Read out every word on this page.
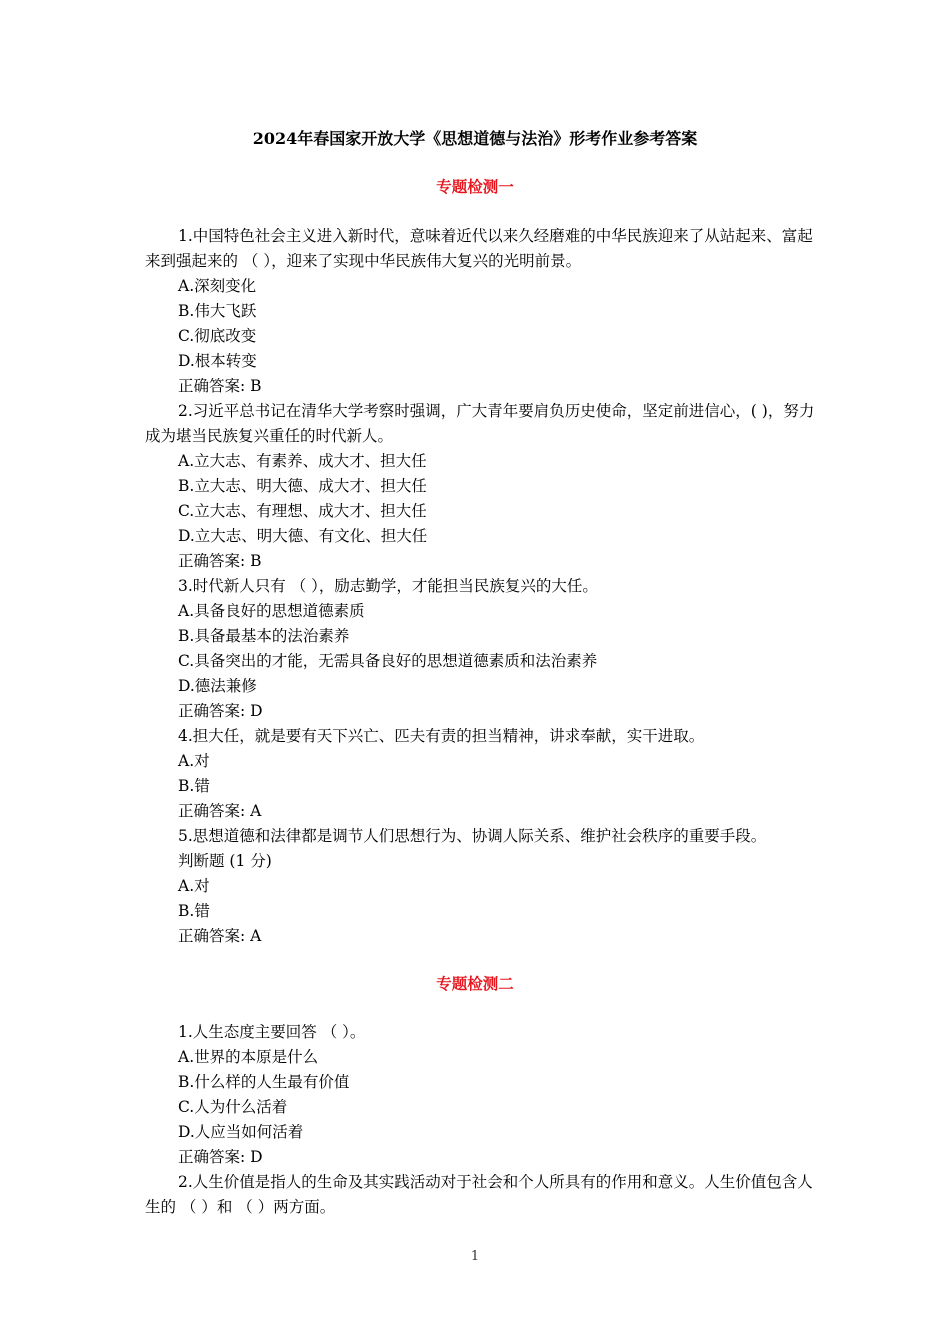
2024年春国家开放大学《思想道德与法治》形考作业参考答案
专题检测一

1.中国特色社会主义进入新时代，意味着近代以来久经磨难的中华民族迎来了从站起来、富起来到强起来的 （ ），迎来了实现中华民族伟大复兴的光明前景。

A.深刻变化

B.伟大飞跃

C.彻底改变

D.根本转变

正确答案: B

2.习近平总书记在清华大学考察时强调，广大青年要肩负历史使命，坚定前进信心，( )，努力成为堪当民族复兴重任的时代新人。

A.立大志、有素养、成大才、担大任

B.立大志、明大德、成大才、担大任

C.立大志、有理想、成大才、担大任

D.立大志、明大德、有文化、担大任

正确答案: B

3.时代新人只有 （ ），励志勤学，才能担当民族复兴的大任。

A.具备良好的思想道德素质

B.具备最基本的法治素养

C.具备突出的才能，无需具备良好的思想道德素质和法治素养

D.德法兼修

正确答案: D

4.担大任，就是要有天下兴亡、匹夫有责的担当精神，讲求奉献，实干进取。

A.对

B.错

正确答案: A

5.思想道德和法律都是调节人们思想行为、协调人际关系、维护社会秩序的重要手段。

判断题 (1 分)

A.对

B.错

正确答案: A

专题检测二

1.人生态度主要回答 （ ）。

A.世界的本原是什么

B.什么样的人生最有价值

C.人为什么活着

D.人应当如何活着

正确答案: D

2.人生价值是指人的生命及其实践活动对于社会和个人所具有的作用和意义。人生价值包含人生的 （ ）和 （ ）两方面。

1
